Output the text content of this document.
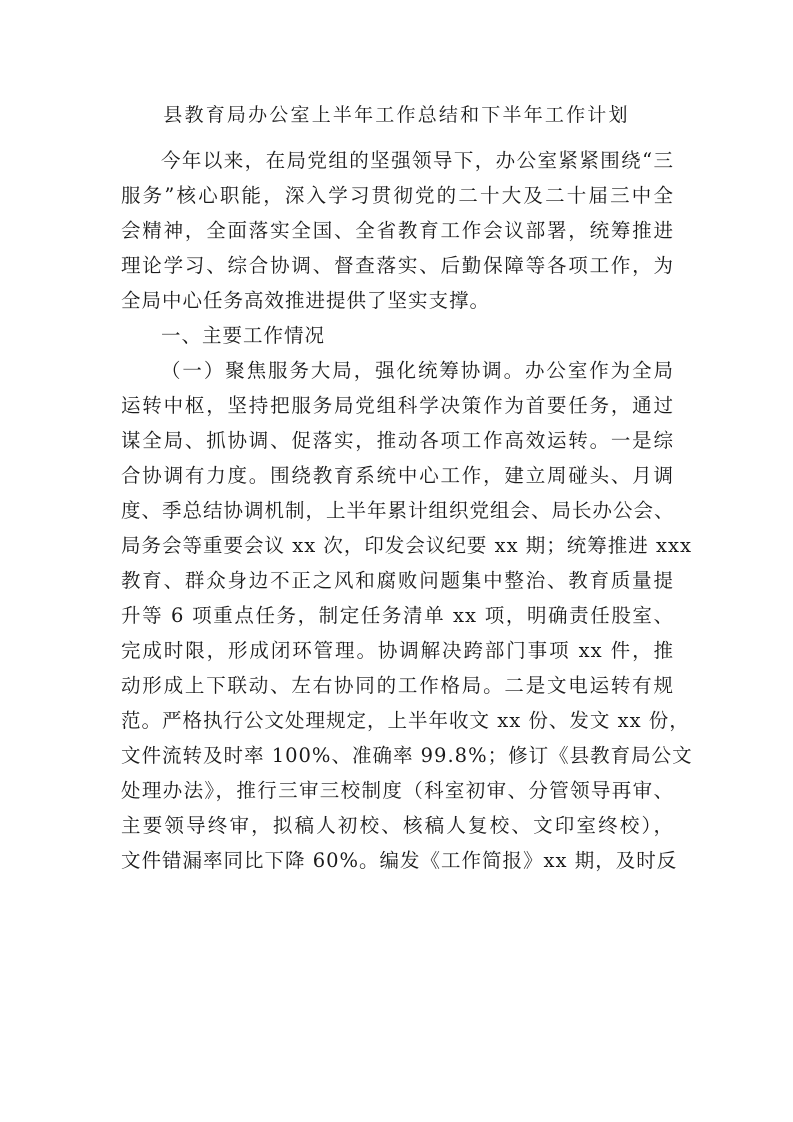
县教育局办公室上半年工作总结和下半年工作计划
今年以来，在局党组的坚强领导下，办公室紧紧围绕“三
服务”核心职能，深入学习贯彻党的二十大及二十届三中全
会精神，全面落实全国、全省教育工作会议部署，统筹推进
理论学习、综合协调、督查落实、后勤保障等各项工作，为
全局中心任务高效推进提供了坚实支撑。
一、主要工作情况
（一）聚焦服务大局，强化统筹协调。办公室作为全局
运转中枢，坚持把服务局党组科学决策作为首要任务，通过
谋全局、抓协调、促落实，推动各项工作高效运转。一是综
合协调有力度。围绕教育系统中心工作，建立周碰头、月调
度、季总结协调机制，上半年累计组织党组会、局长办公会、
局务会等重要会议 xx 次，印发会议纪要 xx 期；统筹推进 xxx
教育、群众身边不正之风和腐败问题集中整治、教育质量提
升等 6 项重点任务，制定任务清单 xx 项，明确责任股室、
完成时限，形成闭环管理。协调解决跨部门事项 xx 件，推
动形成上下联动、左右协同的工作格局。二是文电运转有规
范。严格执行公文处理规定，上半年收文 xx 份、发文 xx 份，
文件流转及时率 100%、准确率 99.8%；修订《县教育局公文
处理办法》，推行三审三校制度（科室初审、分管领导再审、
主要领导终审，拟稿人初校、核稿人复校、文印室终校），
文件错漏率同比下降 60%。编发《工作简报》xx 期，及时反
